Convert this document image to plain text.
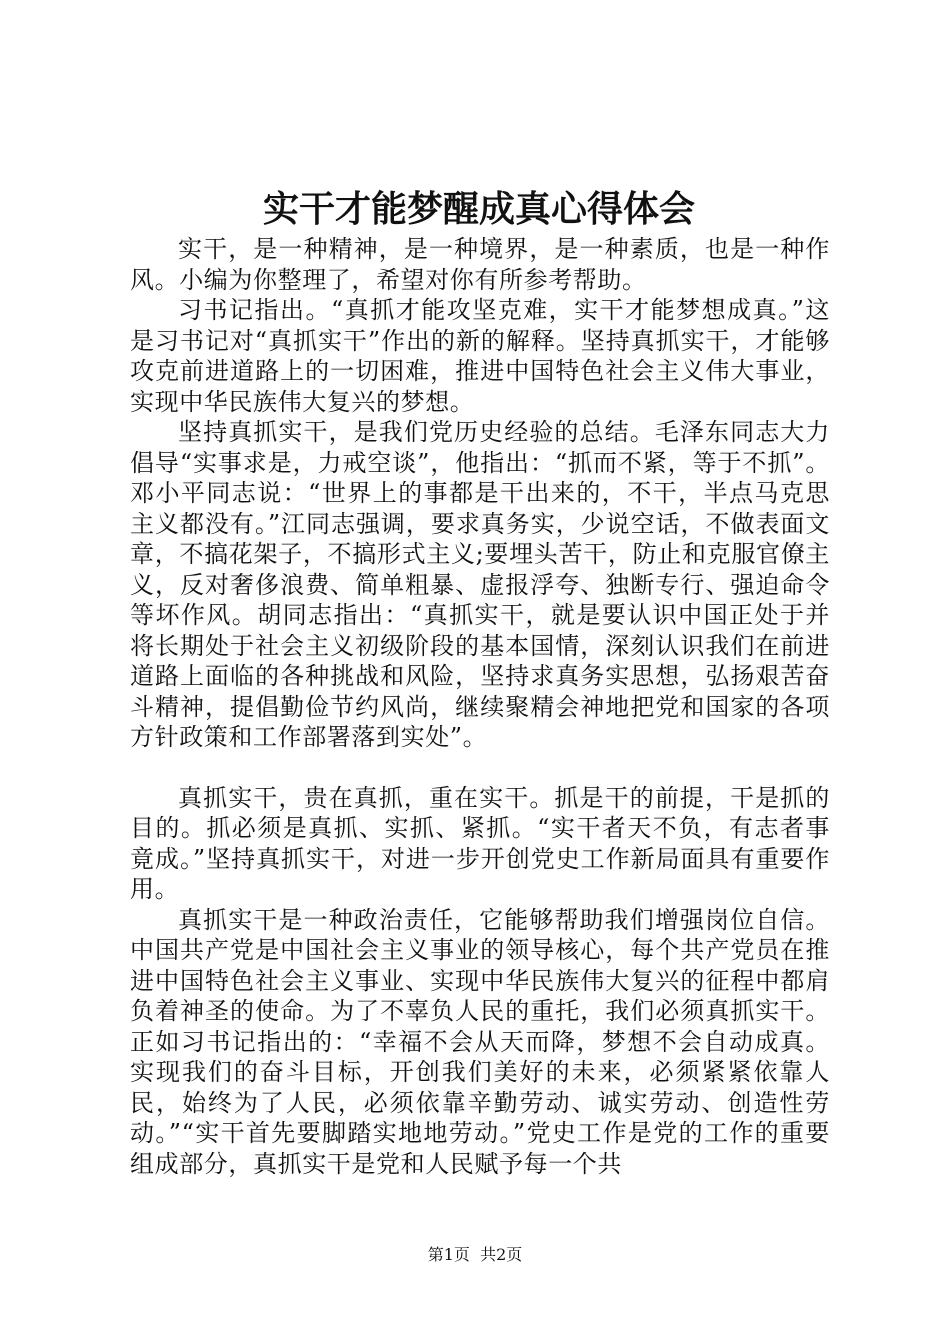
实干才能梦醒成真心得体会

实干，是一种精神，是一种境界，是一种素质，也是一种作风。小编为你整理了，希望对你有所参考帮助。

习书记指出。“真抓才能攻坚克难，实干才能梦想成真。”这是习书记对“真抓实干”作出的新的解释。坚持真抓实干，才能够攻克前进道路上的一切困难，推进中国特色社会主义伟大事业，实现中华民族伟大复兴的梦想。

坚持真抓实干，是我们党历史经验的总结。毛泽东同志大力倡导“实事求是，力戒空谈”，他指出：“抓而不紧，等于不抓”。邓小平同志说：“世界上的事都是干出来的，不干，半点马克思主义都没有。”江同志强调，要求真务实，少说空话，不做表面文章，不搞花架子，不搞形式主义;要埋头苦干，防止和克服官僚主义，反对奢侈浪费、简单粗暴、虚报浮夸、独断专行、强迫命令等坏作风。胡同志指出：“真抓实干，就是要认识中国正处于并将长期处于社会主义初级阶段的基本国情，深刻认识我们在前进道路上面临的各种挑战和风险，坚持求真务实思想，弘扬艰苦奋斗精神，提倡勤俭节约风尚，继续聚精会神地把党和国家的各项方针政策和工作部署落到实处”。

真抓实干，贵在真抓，重在实干。抓是干的前提，干是抓的目的。抓必须是真抓、实抓、紧抓。“实干者天不负，有志者事竟成。”坚持真抓实干，对进一步开创党史工作新局面具有重要作用。

真抓实干是一种政治责任，它能够帮助我们增强岗位自信。中国共产党是中国社会主义事业的领导核心，每个共产党员在推进中国特色社会主义事业、实现中华民族伟大复兴的征程中都肩负着神圣的使命。为了不辜负人民的重托，我们必须真抓实干。正如习书记指出的：“幸福不会从天而降，梦想不会自动成真。实现我们的奋斗目标，开创我们美好的未来，必须紧紧依靠人民，始终为了人民，必须依靠辛勤劳动、诚实劳动、创造性劳动。”“实干首先要脚踏实地地劳动。”党史工作是党的工作的重要组成部分，真抓实干是党和人民赋予每一个共

第1页 共2页
